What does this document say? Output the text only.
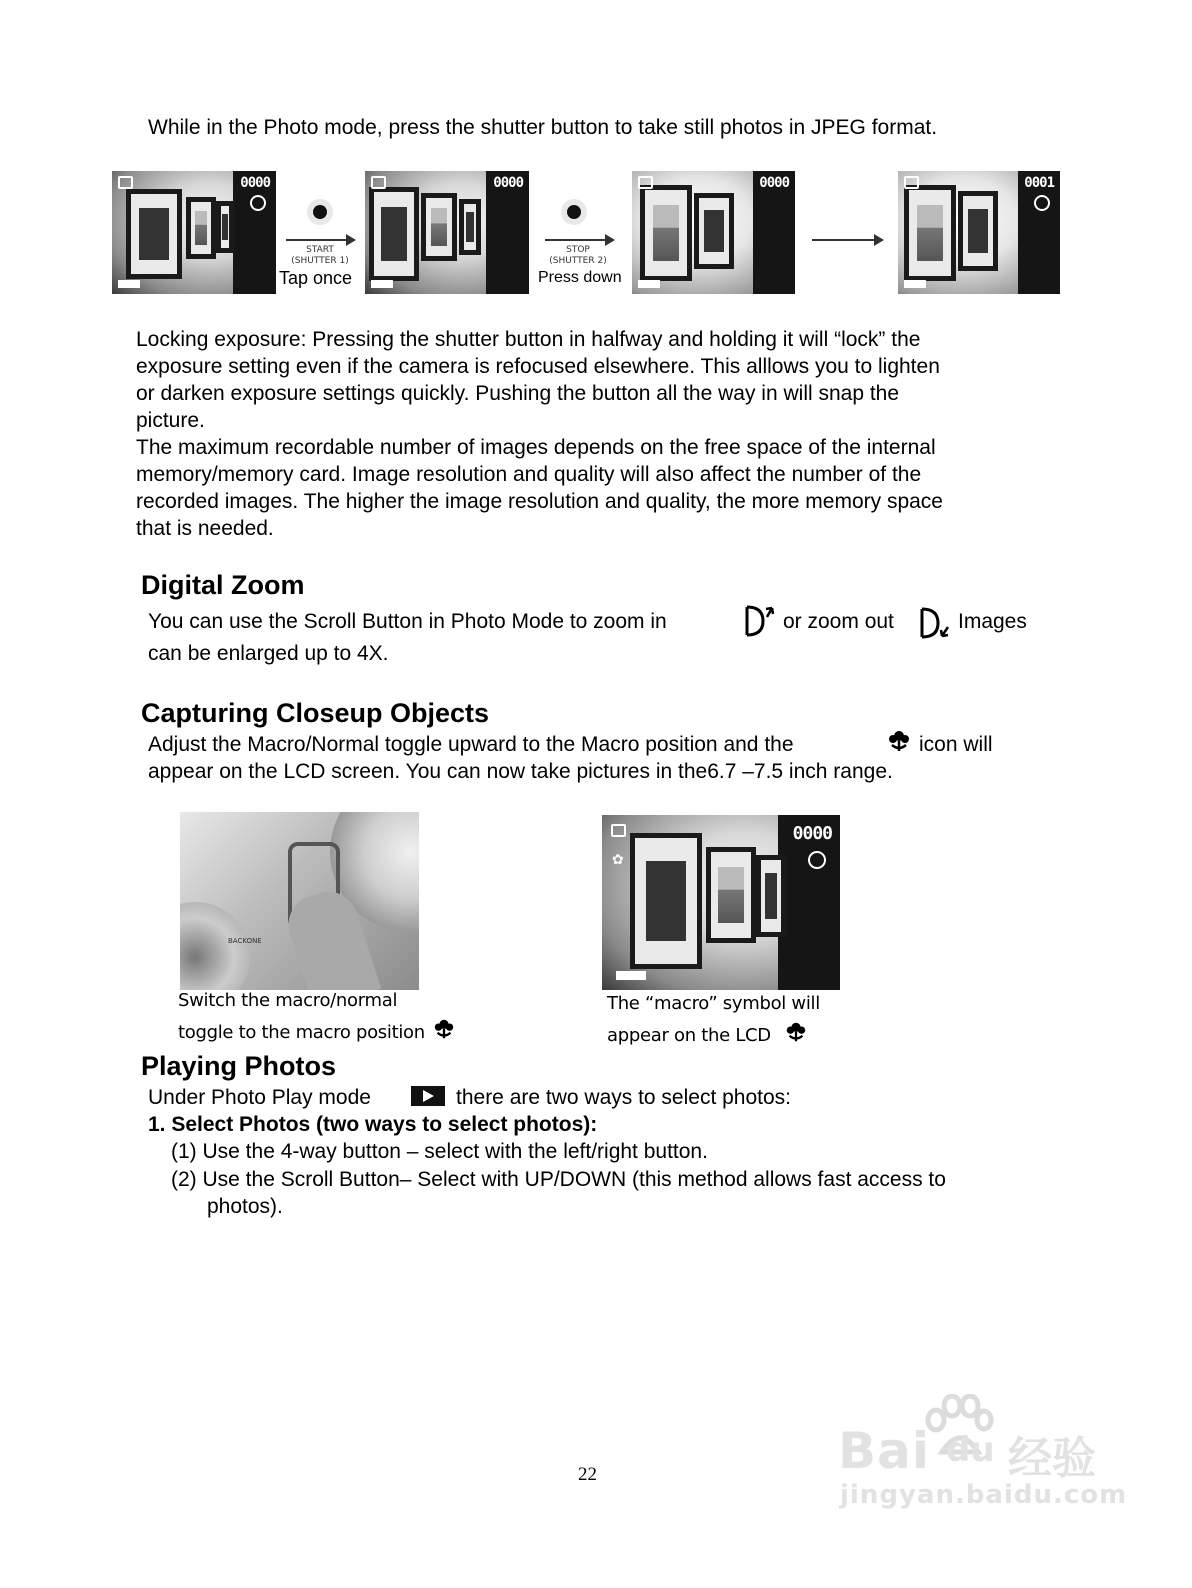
While in the Photo mode, press the shutter button to take still photos in JPEG format.
0000
START
(SHUTTER 1)
Tap once
0000
STOP
(SHUTTER 2)
Press down
0000	0001
Locking exposure: Pressing the shutter button in halfway and holding it will “lock” the
exposure setting even if the camera is refocused elsewhere. This alllows you to lighten
or darken exposure settings quickly. Pushing the button all the way in will snap the
picture.
The maximum recordable number of images depends on the free space of the internal
memory/memory card. Image resolution and quality will also affect the number of the
recorded images. The higher the image resolution and quality, the more memory space
that is needed.
Digital Zoom
You can use the Scroll Button in Photo Mode to zoom in	or zoom out	Images
can be enlarged up to 4X.
Capturing Closeup Objects
Adjust the Macro/Normal toggle upward to the Macro position and the	icon will
appear on the LCD screen. You can now take pictures in the6.7 –7.5 inch range.
BACKONE
✿
0000
Switch the macro/normal
toggle to the macro position
The “macro” symbol will
appear on the LCD
Playing Photos
Under Photo Play mode	there are two ways to select photos:
1. Select Photos (two ways to select photos):
(1) Use the 4-way button – select with the left/right button.
(2) Use the Scroll Button– Select with UP/DOWN (this method allows fast access to
photos).
22	Bai du 经验
jingyan.baidu.com
